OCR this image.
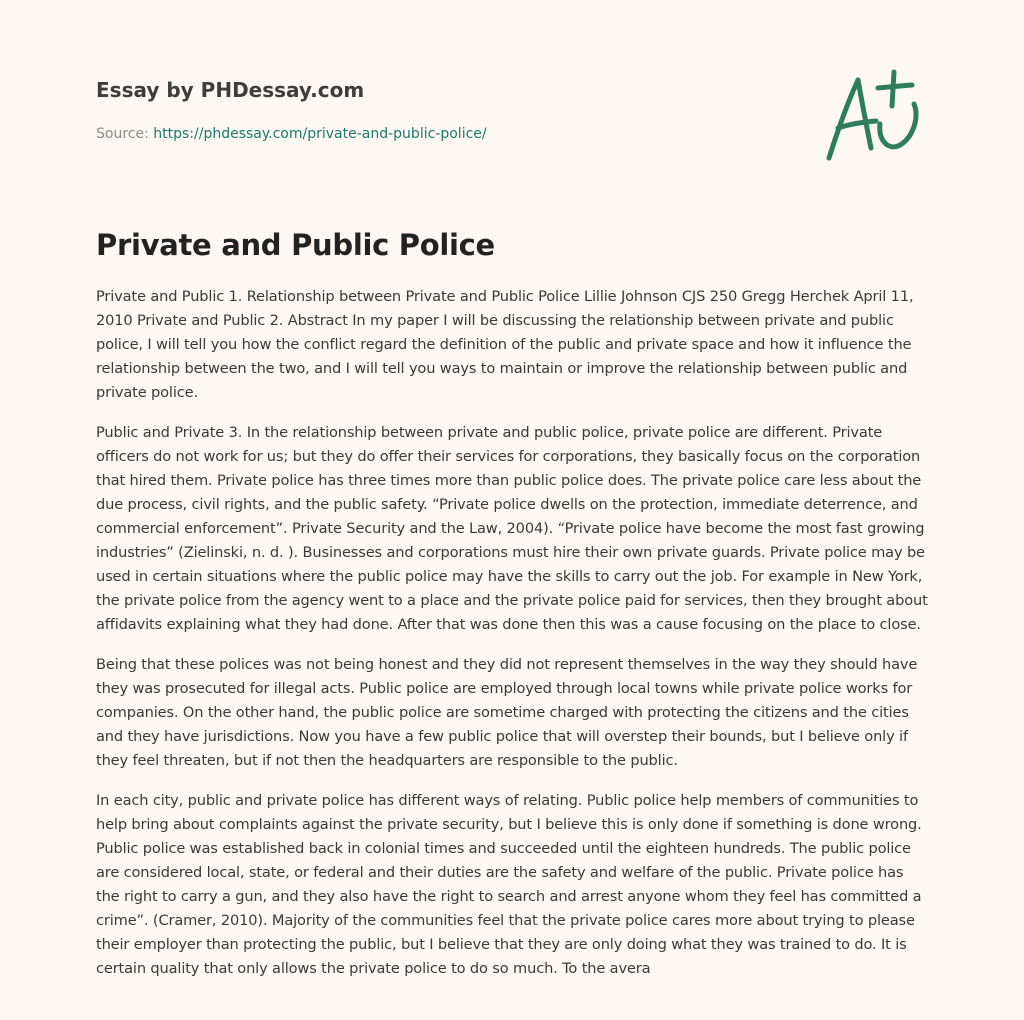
Essay by PHDessay.com
Source: https://phdessay.com/private-and-public-police/
Private and Public Police

Private and Public 1. Relationship between Private and Public Police Lillie Johnson CJS 250 Gregg Herchek April 11, 2010 Private and Public 2. Abstract In my paper I will be discussing the relationship between private and public police, I will tell you how the conflict regard the definition of the public and private space and how it influence the relationship between the two, and I will tell you ways to maintain or improve the relationship between public and private police.

Public and Private 3. In the relationship between private and public police, private police are different. Private officers do not work for us; but they do offer their services for corporations, they basically focus on the corporation that hired them. Private police has three times more than public police does. The private police care less about the due process, civil rights, and the public safety. “Private police dwells on the protection, immediate deterrence, and commercial enforcement”. Private Security and the Law, 2004). “Private police have become the most fast growing industries” (Zielinski, n. d. ). Businesses and corporations must hire their own private guards. Private police may be used in certain situations where the public police may have the skills to carry out the job. For example in New York, the private police from the agency went to a place and the private police paid for services, then they brought about affidavits explaining what they had done. After that was done then this was a cause focusing on the place to close.

Being that these polices was not being honest and they did not represent themselves in the way they should have they was prosecuted for illegal acts. Public police are employed through local towns while private police works for companies. On the other hand, the public police are sometime charged with protecting the citizens and the cities and they have jurisdictions. Now you have a few public police that will overstep their bounds, but I believe only if they feel threaten, but if not then the headquarters are responsible to the public.

In each city, public and private police has different ways of relating. Public police help members of communities to help bring about complaints against the private security, but I believe this is only done if something is done wrong. Public police was established back in colonial times and succeeded until the eighteen hundreds. The public police are considered local, state, or federal and their duties are the safety and welfare of the public. Private police has the right to carry a gun, and they also have the right to search and arrest anyone whom they feel has committed a crime”. (Cramer, 2010). Majority of the communities feel that the private police cares more about trying to please their employer than protecting the public, but I believe that they are only doing what they was trained to do. It is certain quality that only allows the private police to do so much. To the avera
